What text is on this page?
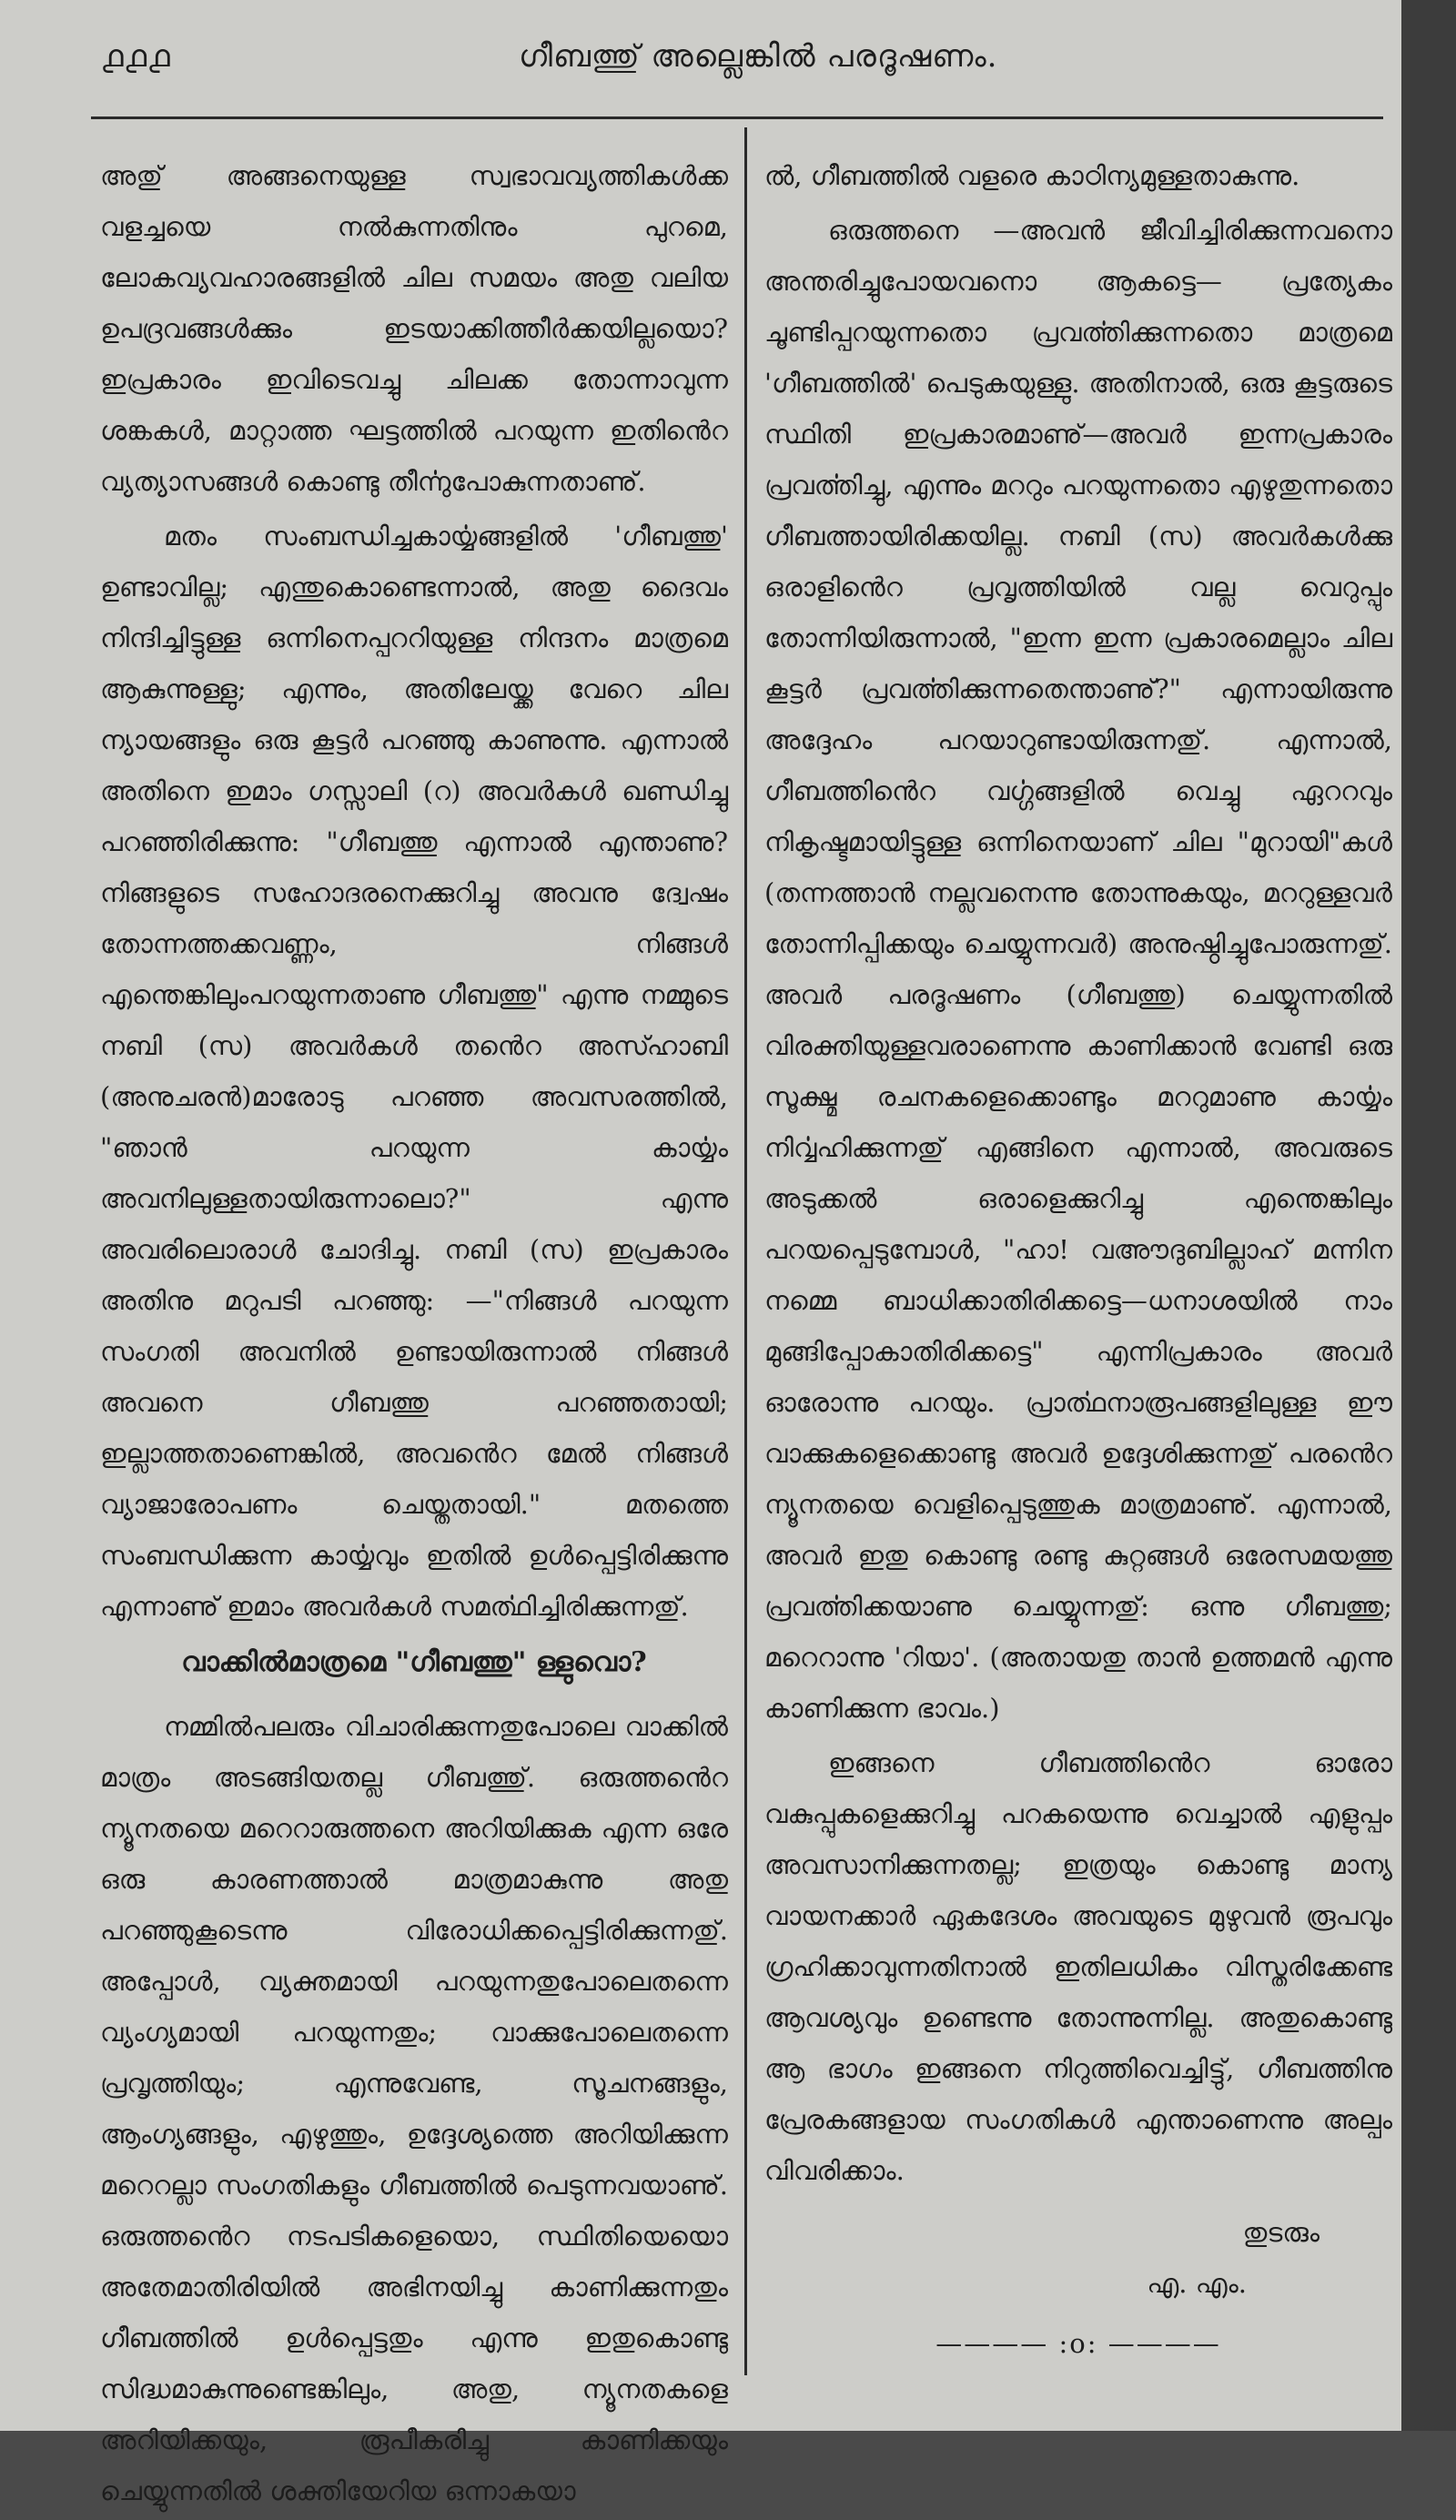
൧൧൧	ഗീബത്തു് അല്ലെങ്കിൽ പരദൂഷണം.

അതു് അങ്ങനെയുള്ള സ്വഭാവവ്യത്തികൾക്ക വളച്ചയെ നൽകുന്നതിനും പുറമെ, ലോകവ്യവഹാരങ്ങളിൽ ചില സമയം അതു വലിയ ഉപദ്രവങ്ങൾക്കും ഇടയാക്കിത്തീർക്കയില്ലയൊ? ഇപ്രകാരം ഇവിടെവച്ചു ചിലക്ക തോന്നാവുന്ന ശങ്കകൾ, മാറ്റാത്ത ഘട്ടത്തിൽ പറയുന്ന ഇതിൻെറ വ്യത്യാസങ്ങൾ കൊണ്ടു തീൎന്നുപോകുന്നതാണു്.

മതം സംബന്ധിച്ചകാൎയ്യങ്ങളിൽ 'ഗീബത്തു' ഉണ്ടാവില്ല; എന്തുകൊണ്ടെന്നാൽ, അതു ദൈവം നിന്ദിച്ചിട്ടുള്ള ഒന്നിനെപ്പററിയുള്ള നിന്ദനം മാത്രമെ ആകുന്നുള്ളു; എന്നും, അതിലേയ്ക്ക വേറെ ചില ന്യായങ്ങളും ഒരു കൂട്ടർ പറഞ്ഞു കാണുന്നു. എന്നാൽ അതിനെ ഇമാം ഗസ്സാലി (റ) അവർകൾ ഖണ്ഡിച്ചു പറഞ്ഞിരിക്കുന്നു: "ഗീബത്തു എന്നാൽ എന്താണു? നിങ്ങളുടെ സഹോദരനെക്കുറിച്ചു അവനു ദ്വേഷം തോന്നത്തക്കവണ്ണം, നിങ്ങൾ എന്തെങ്കിലുംപറയുന്നതാണു ഗീബത്തു" എന്നു നമ്മുടെ നബി (സ) അവർകൾ തൻെറ അസ്ഹാബി (അനുചരൻ)മാരോടു പറഞ്ഞ അവസരത്തിൽ, "ഞാൻ പറയുന്ന കാൎയ്യം അവനിലുള്ളതായിരുന്നാലൊ?" എന്നു അവരിലൊരാൾ ചോദിച്ചു. നബി (സ) ഇപ്രകാരം അതിനു മറുപടി പറഞ്ഞു: —"നിങ്ങൾ പറയുന്ന സംഗതി അവനിൽ ഉണ്ടായിരുന്നാൽ നിങ്ങൾ അവനെ ഗീബത്തു പറഞ്ഞതായി; ഇല്ലാത്തതാണെങ്കിൽ, അവൻെറ മേൽ നിങ്ങൾ വ്യാജാരോപണം ചെയ്തതായി." മതത്തെ സംബന്ധിക്കുന്ന കാൎയ്യവും ഇതിൽ ഉൾപ്പെട്ടിരിക്കുന്നു എന്നാണു് ഇമാം അവർകൾ സമൎത്ഥിച്ചിരിക്കുന്നതു്.

വാക്കിൽമാത്രമെ "ഗീബത്തു" ള്ളുവൊ?

നമ്മിൽപലരും വിചാരിക്കുന്നതുപോലെ വാക്കിൽ മാത്രം അടങ്ങിയതല്ല ഗീബത്തു്. ഒരുത്തൻെറ ന്യൂനതയെ മറെറാരുത്തനെ അറിയിക്കുക എന്ന ഒരേ ഒരു കാരണത്താൽ മാത്രമാകുന്നു അതു പറഞ്ഞുകൂടെന്നു വിരോധിക്കപ്പെട്ടിരിക്കുന്നതു്. അപ്പോൾ, വ്യക്തമായി പറയുന്നതുപോലെതന്നെ വ്യംഗ്യമായി പറയുന്നതും; വാക്കുപോലെതന്നെ പ്രവൃത്തിയും; എന്നുവേണ്ട, സൂചനങ്ങളും, ആംഗ്യങ്ങളും, എഴുത്തും, ഉദ്ദേശ്യത്തെ അറിയിക്കുന്ന മറെറല്ലാ സംഗതികളും ഗീബത്തിൽ പെടുന്നവയാണു്. ഒരുത്തൻെറ നടപടികളെയൊ, സ്ഥിതിയെയൊ അതേമാതിരിയിൽ അഭിനയിച്ചു കാണിക്കുന്നതും ഗീബത്തിൽ ഉൾപ്പെട്ടതും എന്നു ഇതുകൊണ്ടു സിദ്ധമാകുന്നുണ്ടെങ്കിലും, അതു, ന്യൂനതകളെ അറിയിക്കയും, രൂപീകരിച്ചു കാണിക്കയും ചെയ്യുന്നതിൽ ശക്തിയേറിയ ഒന്നാകയാ

ൽ, ഗീബത്തിൽ വളരെ കാഠിന്യമുള്ളതാകുന്നു.

ഒരുത്തനെ —അവൻ ജീവിച്ചിരിക്കുന്നവനൊ അന്തരിച്ചുപോയവനൊ ആകട്ടെ— പ്രത്യേകം ചൂണ്ടിപ്പറയുന്നതൊ പ്രവൎത്തിക്കുന്നതൊ മാത്രമെ 'ഗീബത്തിൽ' പെടുകയുള്ളു. അതിനാൽ, ഒരു കൂട്ടരുടെ സ്ഥിതി ഇപ്രകാരമാണു്—അവർ ഇന്നപ്രകാരം പ്രവൎത്തിച്ചു, എന്നും മററും പറയുന്നതൊ എഴുതുന്നതൊ ഗീബത്തായിരിക്കയില്ല. നബി (സ) അവർകൾക്കു ഒരാളിൻെറ പ്രവൃത്തിയിൽ വല്ല വെറുപ്പും തോന്നിയിരുന്നാൽ, "ഇന്ന ഇന്ന പ്രകാരമെല്ലാം ചില കൂട്ടർ പ്രവൎത്തിക്കുന്നതെന്താണു്?" എന്നായിരുന്നു അദ്ദേഹം പറയാറുണ്ടായിരുന്നതു്. എന്നാൽ, ഗീബത്തിൻെറ വൎഗ്ഗങ്ങളിൽ വെച്ചു ഏററവും നികൃഷ്ടമായിട്ടുള്ള ഒന്നിനെയാണ് ചില "മുറായി"കൾ (തന്നത്താൻ നല്ലവനെന്നു തോന്നുകയും, മററുള്ളവർ തോന്നിപ്പിക്കയും ചെയ്യുന്നവർ) അനുഷ്ഠിച്ചുപോരുന്നതു്. അവർ പരദൂഷണം (ഗീബത്തു) ചെയ്യുന്നതിൽ വിരക്തിയുള്ളവരാണെന്നു കാണിക്കാൻ വേണ്ടി ഒരു സൂക്ഷ്മ രചനകളെക്കൊണ്ടും മററുമാണു കാൎയ്യം നിൎവ്വഹിക്കുന്നതു് എങ്ങിനെ എന്നാൽ, അവരുടെ അടുക്കൽ ഒരാളെക്കുറിച്ചു എന്തെങ്കിലും പറയപ്പെടുമ്പോൾ, "ഹാ! വഅൗദുബില്ലാഹ് മന്നിന നമ്മെ ബാധിക്കാതിരിക്കട്ടെ—ധനാശയിൽ നാം മുങ്ങിപ്പോകാതിരിക്കട്ടെ" എന്നിപ്രകാരം അവർ ഓരോന്നു പറയും. പ്രാൎത്ഥനാരൂപങ്ങളിലുള്ള ഈ വാക്കുകളെക്കൊണ്ടു അവർ ഉദ്ദേശിക്കുന്നതു് പരൻെറ ന്യൂനതയെ വെളിപ്പെടുത്തുക മാത്രമാണു്. എന്നാൽ, അവർ ഇതു കൊണ്ടു രണ്ടു കുറ്റങ്ങൾ ഒരേസമയത്തു പ്രവൎത്തിക്കയാണു ചെയ്യുന്നതു്: ഒന്നു ഗീബത്തു; മറെറാന്നു 'റിയാ'. (അതായതു താൻ ഉത്തമൻ എന്നു കാണിക്കുന്ന ഭാവം.)

ഇങ്ങനെ ഗീബത്തിൻെറ ഓരോ വകുപ്പുകളെക്കുറിച്ചു പറകയെന്നു വെച്ചാൽ എളുപ്പം അവസാനിക്കുന്നതല്ല; ഇത്രയും കൊണ്ടു മാന്യ വായനക്കാർ ഏകദേശം അവയുടെ മുഴുവൻ രൂപവും ഗ്രഹിക്കാവുന്നതിനാൽ ഇതിലധികം വിസ്തരിക്കേണ്ട ആവശ്യവും ഉണ്ടെന്നു തോന്നുന്നില്ല. അതുകൊണ്ടു ആ ഭാഗം ഇങ്ങനെ നിറുത്തിവെച്ചിട്ടു്, ഗീബത്തിനു പ്രേരകങ്ങളായ സംഗതികൾ എന്താണെന്നു അല്പം വിവരിക്കാം.

തുടരും
എ. എം.
———— :o: ————
